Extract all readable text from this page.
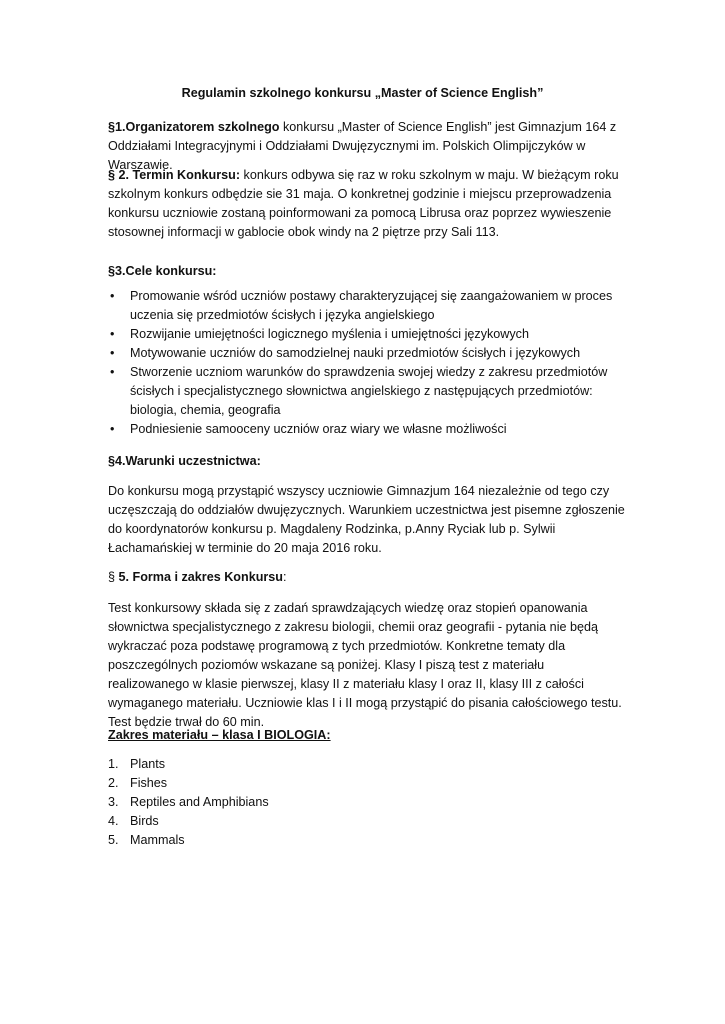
Regulamin szkolnego konkursu „Master of Science English”

§1.Organizatorem szkolnego konkursu „Master of Science English” jest Gimnazjum 164 z Oddziałami Integracyjnymi i Oddziałami Dwujęzycznymi im. Polskich Olimpijczyków w Warszawie.

§ 2. Termin Konkursu: konkurs odbywa się raz w roku szkolnym w maju. W bieżącym roku szkolnym konkurs odbędzie sie 31 maja. O konkretnej godzinie i miejscu przeprowadzenia konkursu uczniowie zostaną poinformowani za pomocą Librusa oraz poprzez wywieszenie stosownej informacji w gablocie obok windy na 2 piętrze przy Sali 113.

§3.Cele konkursu:

• Promowanie wśród uczniów postawy charakteryzującej się zaangażowaniem w proces uczenia się przedmiotów ścisłych i języka angielskiego
• Rozwijanie umiejętności logicznego myślenia i umiejętności językowych
• Motywowanie uczniów do samodzielnej nauki przedmiotów ścisłych i językowych
• Stworzenie uczniom warunków do sprawdzenia swojej wiedzy z zakresu przedmiotów ścisłych i specjalistycznego słownictwa angielskiego z następujących przedmiotów: biologia, chemia, geografia
• Podniesienie samooceny uczniów oraz wiary we własne możliwości

§4.Warunki uczestnictwa:

Do konkursu mogą przystąpić wszyscy uczniowie Gimnazjum 164 niezależnie od tego czy uczęszczają do oddziałów dwujęzycznych. Warunkiem uczestnictwa jest pisemne zgłoszenie do koordynatorów konkursu p. Magdaleny Rodzinka, p.Anny Ryciak lub p. Sylwii Łachamańskiej w terminie do 20 maja 2016 roku.

§ 5. Forma i zakres Konkursu:

Test konkursowy składa się z zadań sprawdzających wiedzę oraz stopień opanowania słownictwa specjalistycznego z zakresu biologii, chemii oraz geografii - pytania nie będą wykraczać poza podstawę programową z tych przedmiotów. Konkretne tematy dla poszczególnych poziomów wskazane są poniżej. Klasy I piszą test z materiału realizowanego w klasie pierwszej, klasy II z materiału klasy I oraz II, klasy III z całości wymaganego materiału. Uczniowie klas I i II mogą przystąpić do pisania całościowego testu. Test będzie trwał do 60 min.

Zakres materiału – klasa I BIOLOGIA:
1. Plants
2. Fishes
3. Reptiles and Amphibians
4. Birds
5. Mammals
